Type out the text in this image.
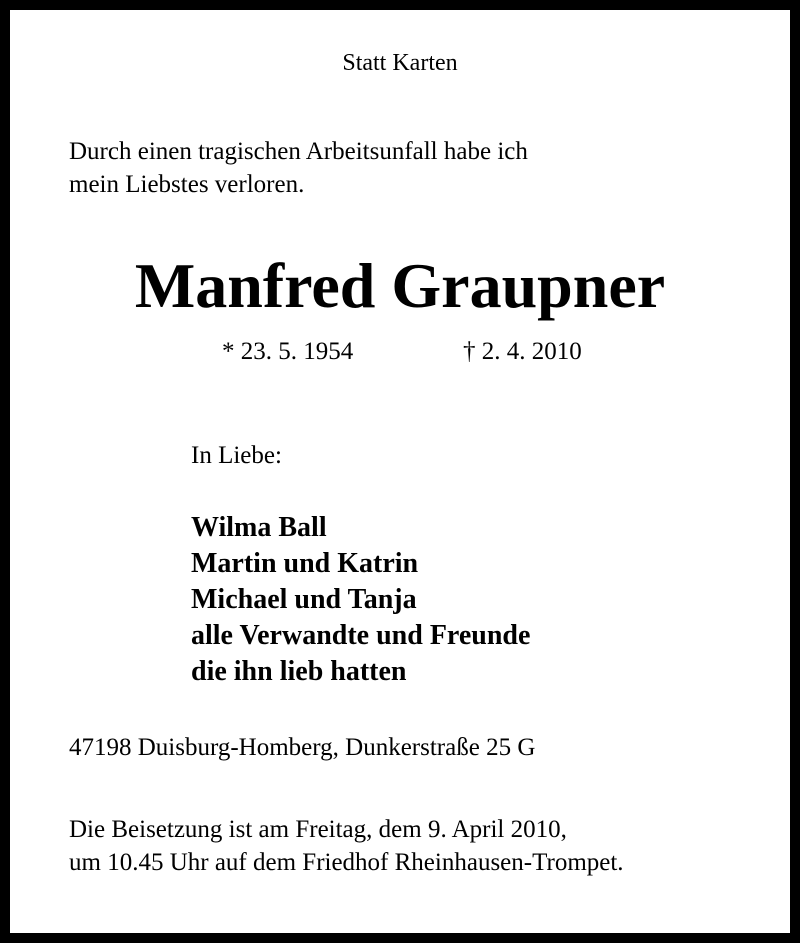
Statt Karten

Durch einen tragischen Arbeitsunfall habe ich
mein Liebstes verloren.

Manfred Graupner

* 23. 5. 1954	† 2. 4. 2010

In Liebe:

Wilma Ball
Martin und Katrin
Michael und Tanja
alle Verwandte und Freunde
die ihn lieb hatten

47198 Duisburg-Homberg, Dunkerstraße 25 G

Die Beisetzung ist am Freitag, dem 9. April 2010,
um 10.45 Uhr auf dem Friedhof Rheinhausen-Trompet.
